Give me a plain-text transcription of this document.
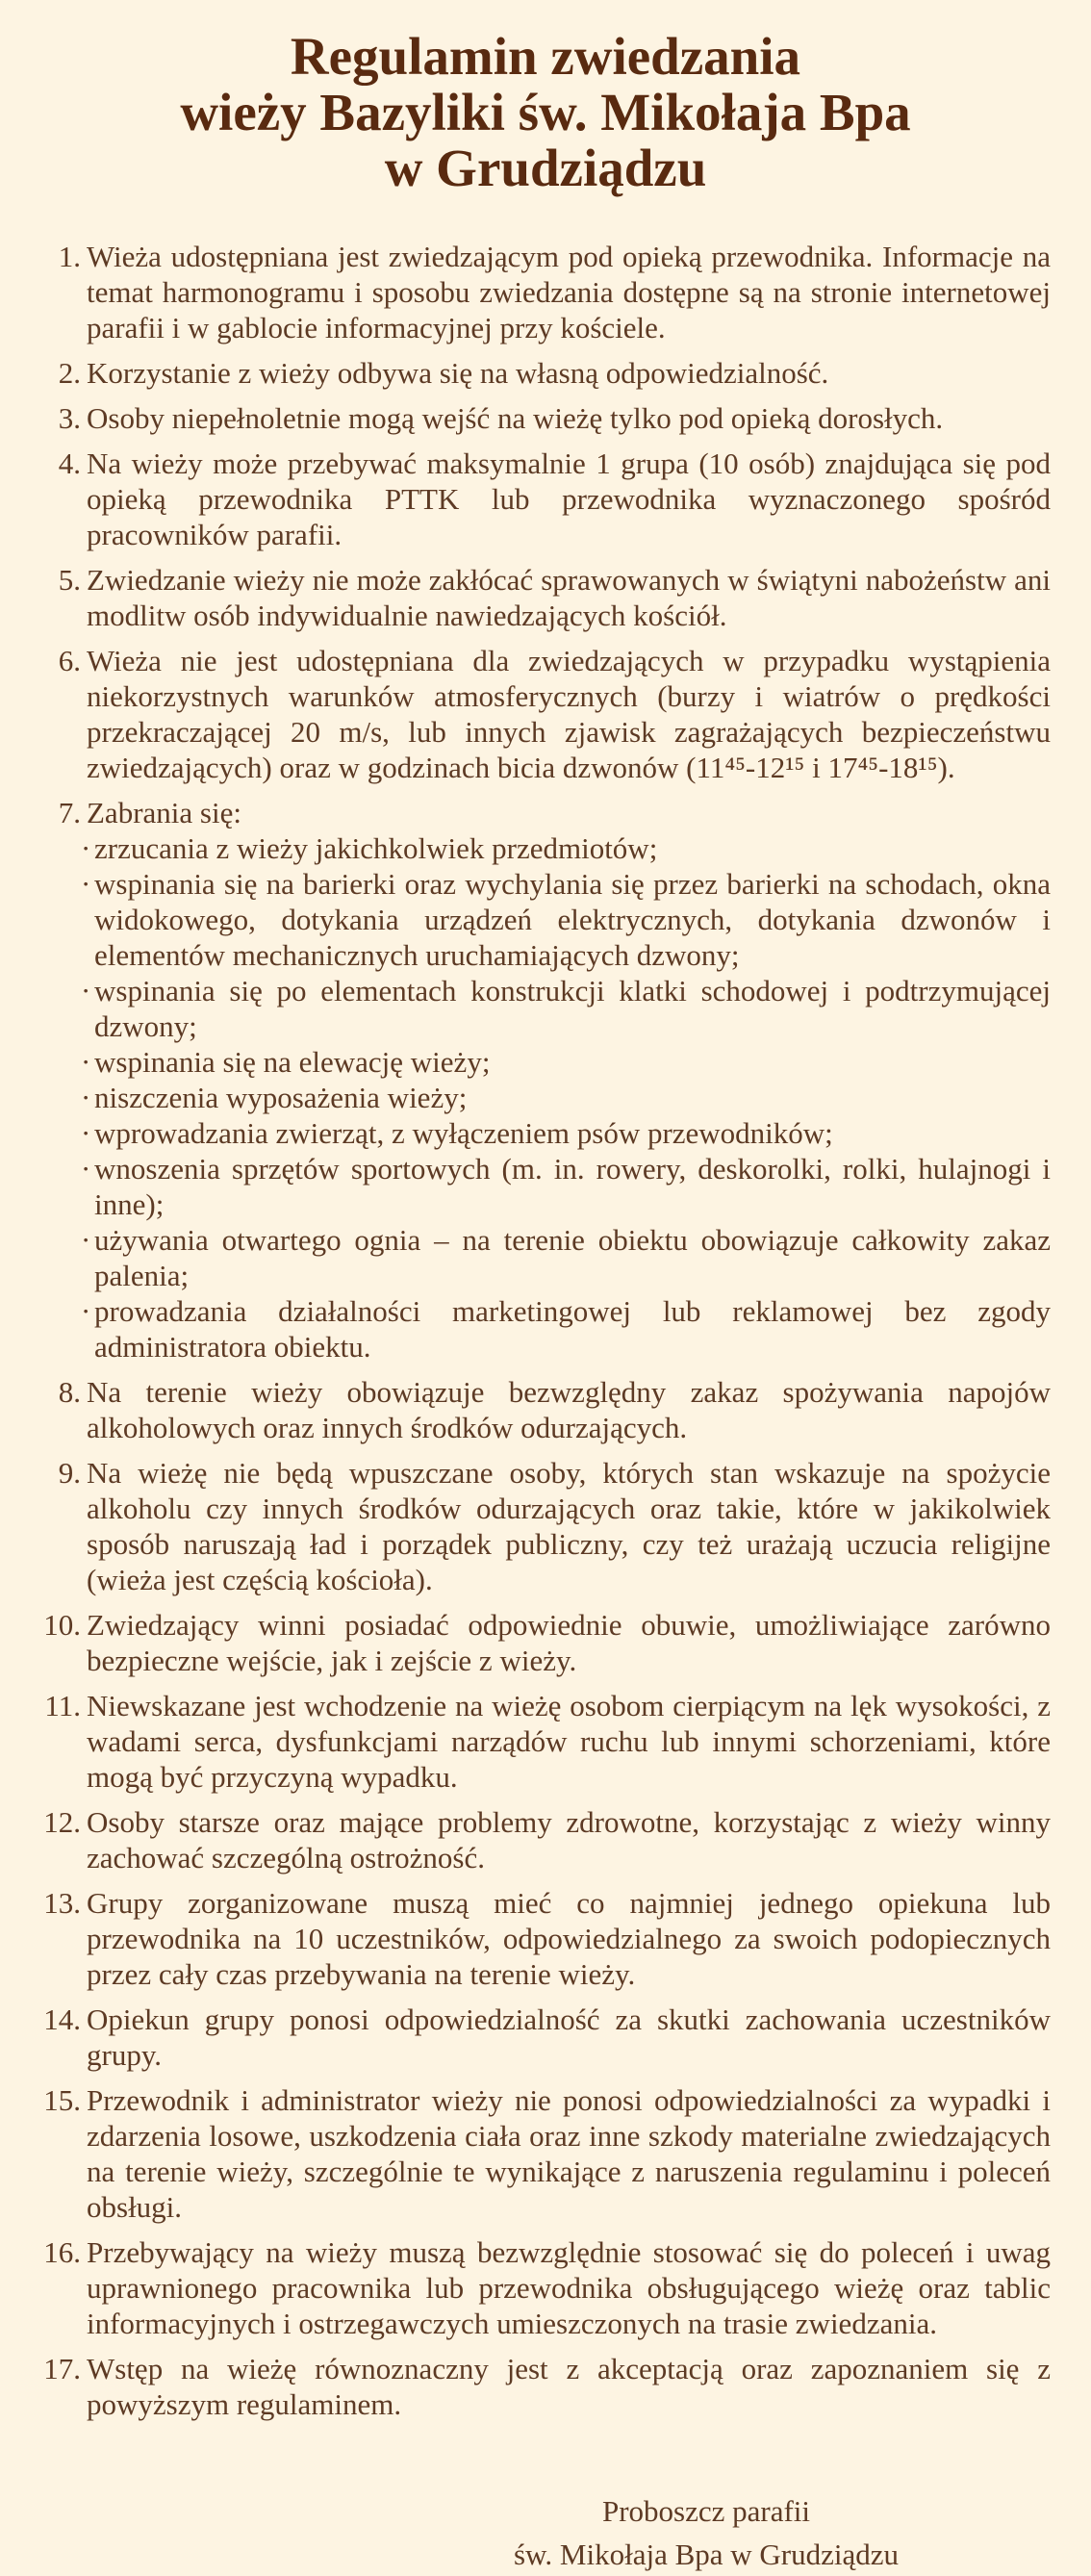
Regulamin zwiedzania
wieży Bazyliki św. Mikołaja Bpa
w Grudziądzu
1. Wieża udostępniana jest zwiedzającym pod opieką przewodnika. Informacje na temat harmonogramu i sposobu zwiedzania dostępne są na stronie internetowej parafii i w gablocie informacyjnej przy kościele.
2. Korzystanie z wieży odbywa się na własną odpowiedzialność.
3. Osoby niepełnoletnie mogą wejść na wieżę tylko pod opieką dorosłych.
4. Na wieży może przebywać maksymalnie 1 grupa (10 osób) znajdująca się pod opieką przewodnika PTTK lub przewodnika wyznaczonego spośród pracowników parafii.
5. Zwiedzanie wieży nie może zakłócać sprawowanych w świątyni nabożeństw ani modlitw osób indywidualnie nawiedzających kościół.
6. Wieża nie jest udostępniana dla zwiedzających w przypadku wystąpienia niekorzystnych warunków atmosferycznych (burzy i wiatrów o prędkości przekraczającej 20 m/s, lub innych zjawisk zagrażających bezpieczeństwu zwiedzających) oraz w godzinach bicia dzwonów (11⁴⁵-12¹⁵ i 17⁴⁵-18¹⁵).
7. Zabrania się:
· zrzucania z wieży jakichkolwiek przedmiotów;
· wspinania się na barierki oraz wychylania się przez barierki na schodach, okna widokowego, dotykania urządzeń elektrycznych, dotykania dzwonów i elementów mechanicznych uruchamiających dzwony;
· wspinania się po elementach konstrukcji klatki schodowej i podtrzymującej dzwony;
· wspinania się na elewację wieży;
· niszczenia wyposażenia wieży;
· wprowadzania zwierząt, z wyłączeniem psów przewodników;
· wnoszenia sprzętów sportowych (m. in. rowery, deskorolki, rolki, hulajnogi i inne);
· używania otwartego ognia – na terenie obiektu obowiązuje całkowity zakaz palenia;
· prowadzania działalności marketingowej lub reklamowej bez zgody administratora obiektu.
8. Na terenie wieży obowiązuje bezwzględny zakaz spożywania napojów alkoholowych oraz innych środków odurzających.
9. Na wieżę nie będą wpuszczane osoby, których stan wskazuje na spożycie alkoholu czy innych środków odurzających oraz takie, które w jakikolwiek sposób naruszają ład i porządek publiczny, czy też urażają uczucia religijne (wieża jest częścią kościoła).
10. Zwiedzający winni posiadać odpowiednie obuwie, umożliwiające zarówno bezpieczne wejście, jak i zejście z wieży.
11. Niewskazane jest wchodzenie na wieżę osobom cierpiącym na lęk wysokości, z wadami serca, dysfunkcjami narządów ruchu lub innymi schorzeniami, które mogą być przyczyną wypadku.
12. Osoby starsze oraz mające problemy zdrowotne, korzystając z wieży winny zachować szczególną ostrożność.
13. Grupy zorganizowane muszą mieć co najmniej jednego opiekuna lub przewodnika na 10 uczestników, odpowiedzialnego za swoich podopiecznych przez cały czas przebywania na terenie wieży.
14. Opiekun grupy ponosi odpowiedzialność za skutki zachowania uczestników grupy.
15. Przewodnik i administrator wieży nie ponosi odpowiedzialności za wypadki i zdarzenia losowe, uszkodzenia ciała oraz inne szkody materialne zwiedzających na terenie wieży, szczególnie te wynikające z naruszenia regulaminu i poleceń obsługi.
16. Przebywający na wieży muszą bezwzględnie stosować się do poleceń i uwag uprawnionego pracownika lub przewodnika obsługującego wieżę oraz tablic informacyjnych i ostrzegawczych umieszczonych na trasie zwiedzania.
17. Wstęp na wieżę równoznaczny jest z akceptacją oraz zapoznaniem się z powyższym regulaminem.
Proboszcz parafii
św. Mikołaja Bpa w Grudziądzu
